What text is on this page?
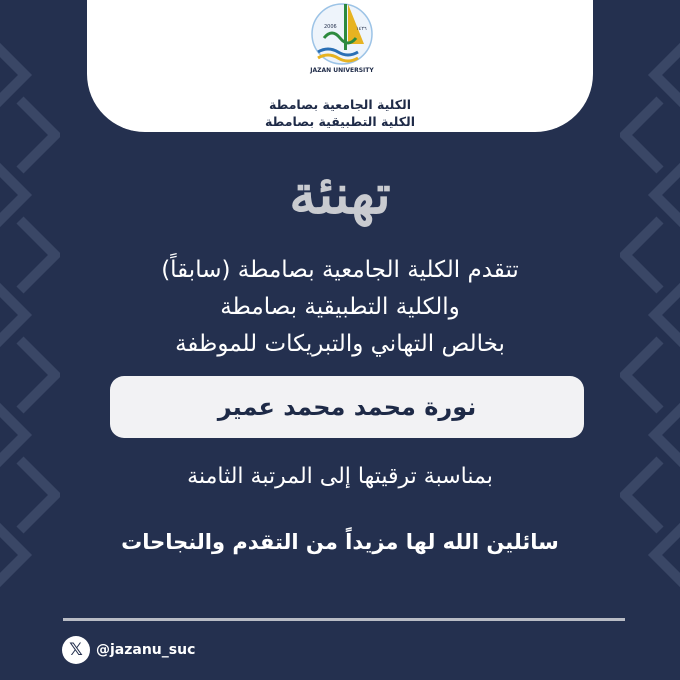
JAZAN UNIVERSITY
2006	١٤٢٦
الكلية الجامعية بصامطة
الكلية التطبيقية بصامطة
تهنئة
تتقدم الكلية الجامعية بصامطة (سابقاً)
والكلية التطبيقية بصامطة
بخالص التهاني والتبريكات للموظفة
نورة محمد محمد عمير
بمناسبة ترقيتها إلى المرتبة الثامنة
سائلين الله لها مزيداً من التقدم والنجاحات
𝕏 @jazanu_suc
